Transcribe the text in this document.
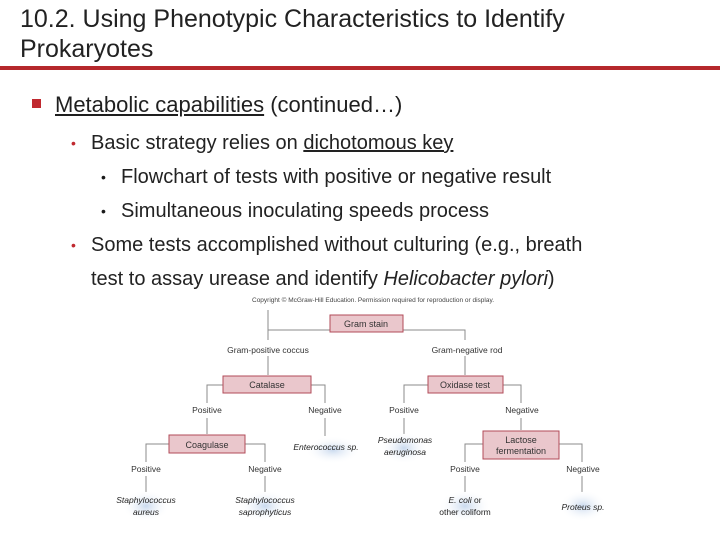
10.2. Using Phenotypic Characteristics to Identify Prokaryotes
Metabolic capabilities (continued…)
• Basic strategy relies on dichotomous key
• Flowchart of tests with positive or negative result
• Simultaneous inoculating speeds process
• Some tests accomplished without culturing (e.g., breath
test to assay urease and identify Helicobacter pylori)
Copyright © McGraw-Hill Education. Permission required for reproduction or display.
Gram stain
Catalase	Oxidase test
Coagulase	Lactose
fermentation
Gram-positive coccus	Gram-negative rod
Positive	Negative	Positive	Negative
Positive	Negative	Positive	Negative
Enterococcus sp.
Pseudomonas
aeruginosa
Staphylococcus
aureus
Staphylococcus
saprophyticus
E. coli or
other coliform	Proteus sp.
